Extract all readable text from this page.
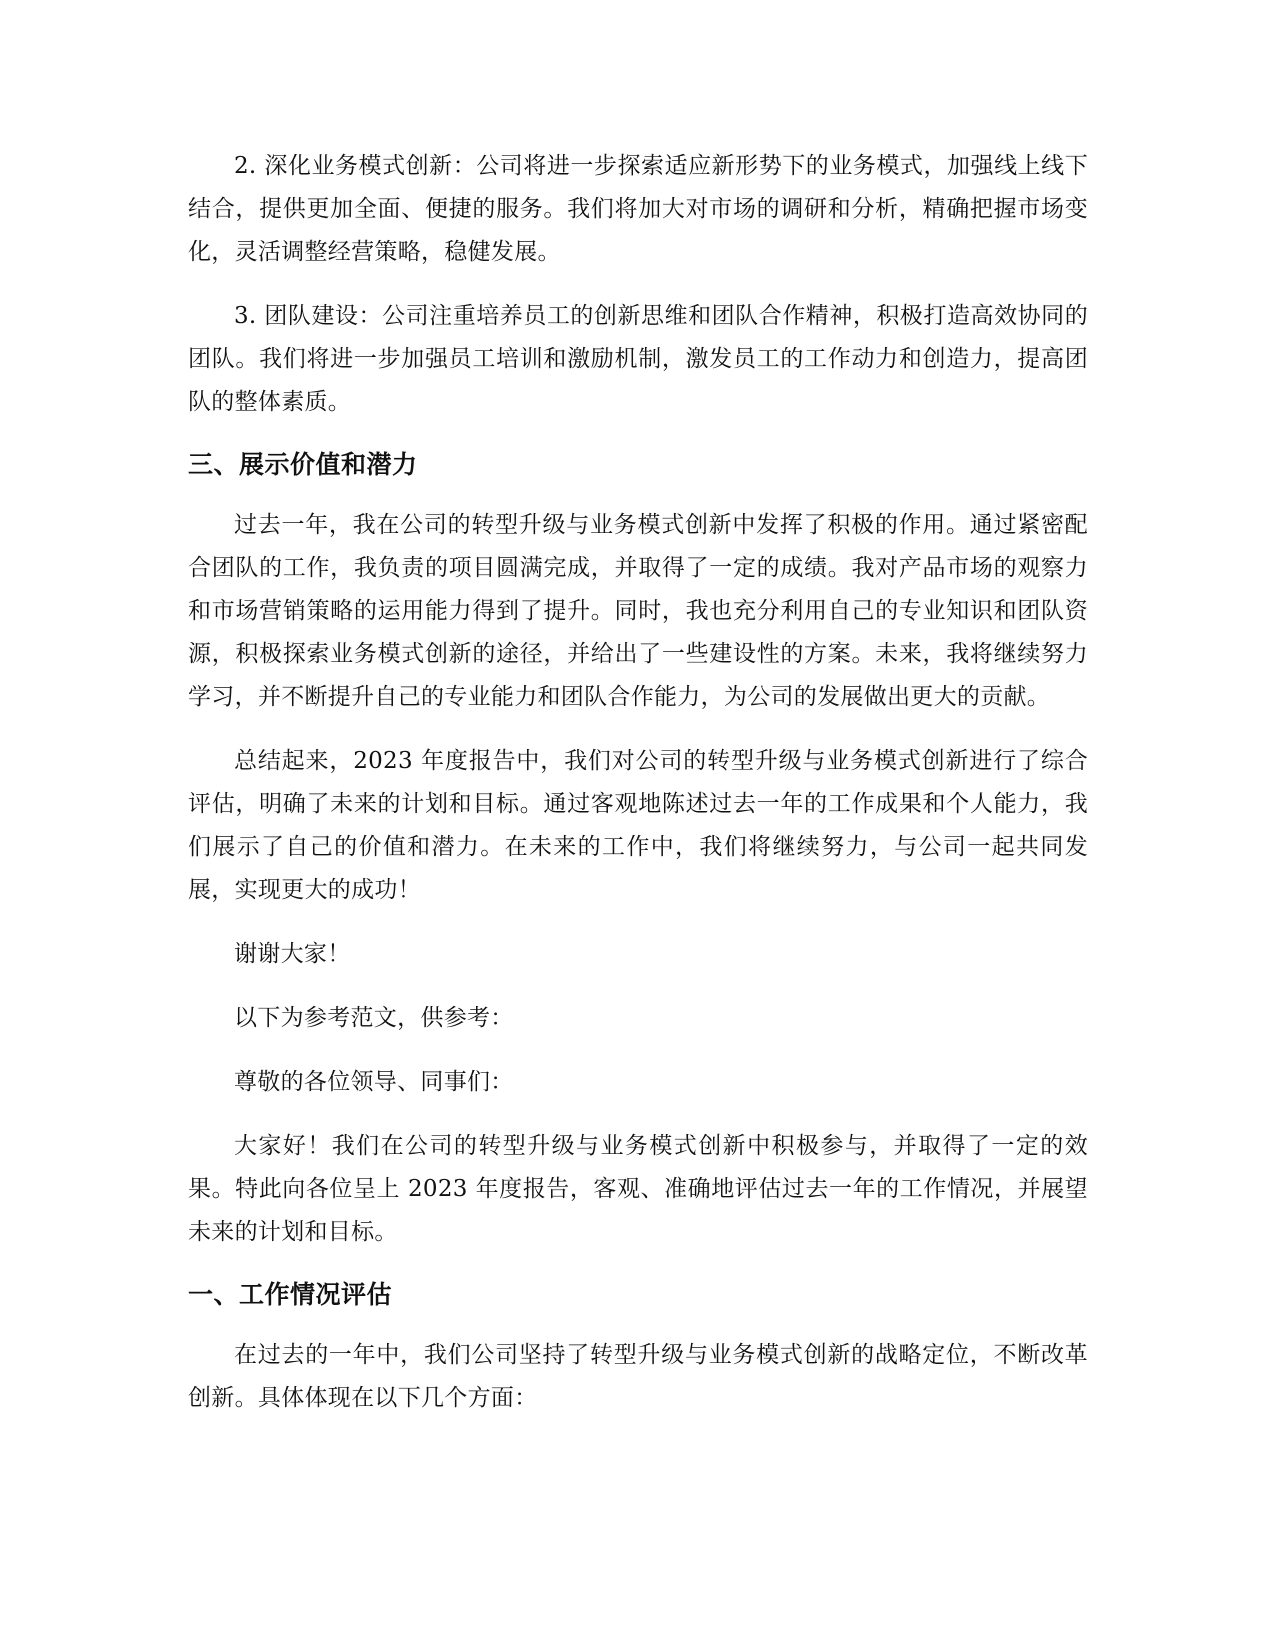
2. 深化业务模式创新：公司将进一步探索适应新形势下的业务模式，加强线上线下结合，提供更加全面、便捷的服务。我们将加大对市场的调研和分析，精确把握市场变化，灵活调整经营策略，稳健发展。

3. 团队建设：公司注重培养员工的创新思维和团队合作精神，积极打造高效协同的团队。我们将进一步加强员工培训和激励机制，激发员工的工作动力和创造力，提高团队的整体素质。

三、展示价值和潜力

过去一年，我在公司的转型升级与业务模式创新中发挥了积极的作用。通过紧密配合团队的工作，我负责的项目圆满完成，并取得了一定的成绩。我对产品市场的观察力和市场营销策略的运用能力得到了提升。同时，我也充分利用自己的专业知识和团队资源，积极探索业务模式创新的途径，并给出了一些建设性的方案。未来，我将继续努力学习，并不断提升自己的专业能力和团队合作能力，为公司的发展做出更大的贡献。

总结起来，2023 年度报告中，我们对公司的转型升级与业务模式创新进行了综合评估，明确了未来的计划和目标。通过客观地陈述过去一年的工作成果和个人能力，我们展示了自己的价值和潜力。在未来的工作中，我们将继续努力，与公司一起共同发展，实现更大的成功！

谢谢大家！

以下为参考范文，供参考：

尊敬的各位领导、同事们：

大家好！我们在公司的转型升级与业务模式创新中积极参与，并取得了一定的效果。特此向各位呈上 2023 年度报告，客观、准确地评估过去一年的工作情况，并展望未来的计划和目标。

一、工作情况评估

在过去的一年中，我们公司坚持了转型升级与业务模式创新的战略定位，不断改革创新。具体体现在以下几个方面：
